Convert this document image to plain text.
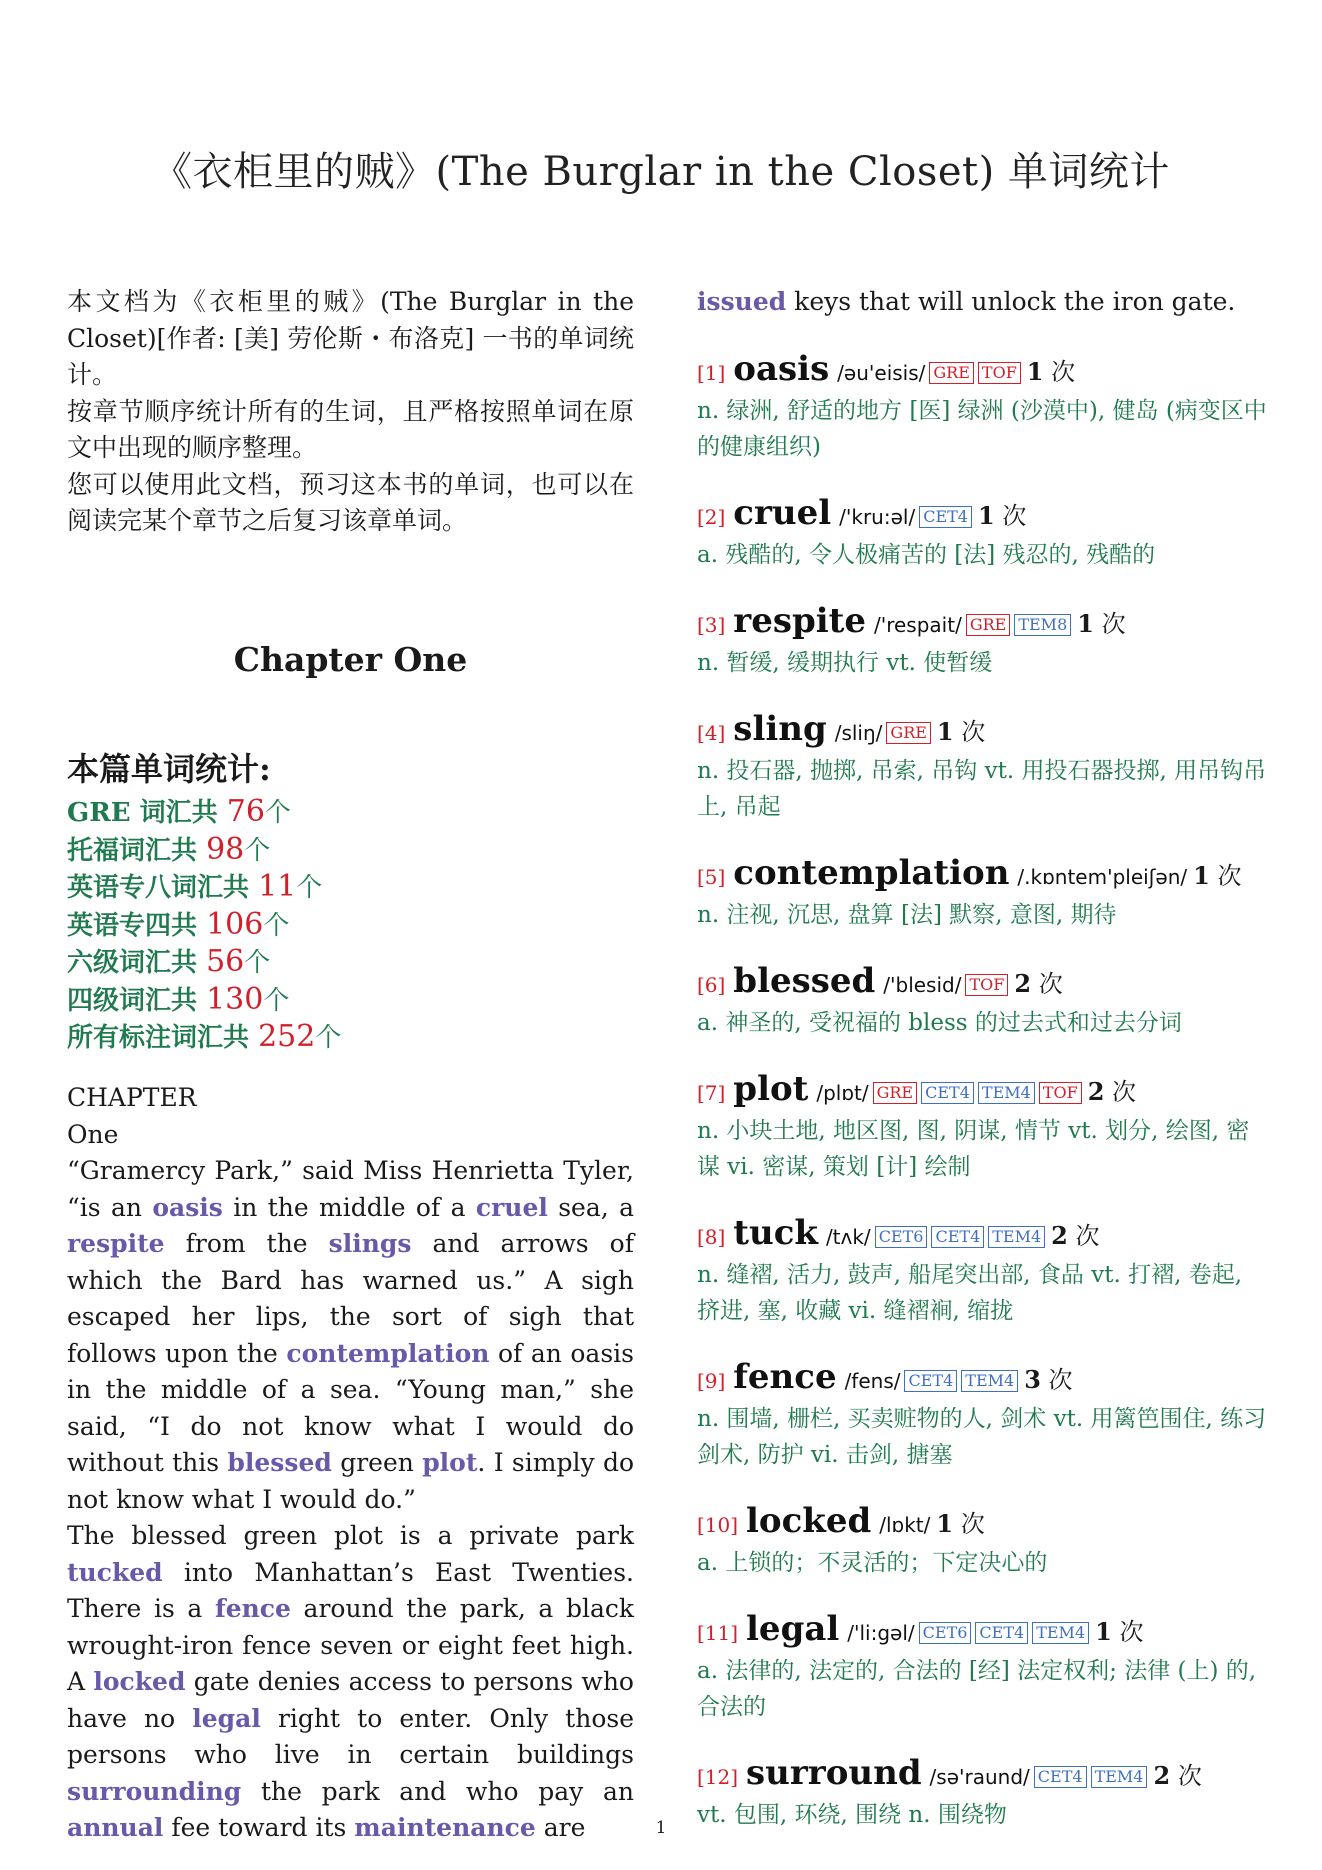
《衣柜里的贼》(The Burglar in the Closet) 单词统计

本文档为《衣柜里的贼》(The Burglar in the Closet)[作者: [美] 劳伦斯・布洛克] 一书的单词统计。

按章节顺序统计所有的生词，且严格按照单词在原文中出现的顺序整理。

您可以使用此文档，预习这本书的单词，也可以在阅读完某个章节之后复习该章单词。

Chapter One
本篇单词统计:
GRE 词汇共 76个
托福词汇共 98个
英语专八词汇共 11个
英语专四共 106个
六级词汇共 56个
四级词汇共 130个
所有标注词汇共 252个

CHAPTER

One

“Gramercy Park,” said Miss Henrietta Tyler, “is an oasis in the middle of a cruel sea, a respite from the slings and arrows of which the Bard has warned us.” A sigh escaped her lips, the sort of sigh that follows upon the contemplation of an oasis in the middle of a sea. “Young man,” she said, “I do not know what I would do without this blessed green plot. I simply do not know what I would do.”

The blessed green plot is a private park tucked into Manhattan’s East Twenties. There is a fence around the park, a black wrought-iron fence seven or eight feet high. A locked gate denies access to persons who have no legal right to enter. Only those persons who live in certain buildings surrounding the park and who pay an annual fee toward its maintenance are

issued keys that will unlock the iron gate.

[1] oasis /əu'eisis/ GRE TOF 1 次
n. 绿洲, 舒适的地方 [医] 绿洲 (沙漠中), 健岛 (病变区中的健康组织)
[2] cruel /'kru:əl/ CET4 1 次
a. 残酷的, 令人极痛苦的 [法] 残忍的, 残酷的
[3] respite /'respait/ GRE TEM8 1 次
n. 暂缓, 缓期执行 vt. 使暂缓
[4] sling /sliŋ/ GRE 1 次
n. 投石器, 抛掷, 吊索, 吊钩 vt. 用投石器投掷, 用吊钩吊上, 吊起
[5] contemplation /.kɒntem'pleiʃən/ 1 次
n. 注视, 沉思, 盘算 [法] 默察, 意图, 期待
[6] blessed /'blesid/ TOF 2 次
a. 神圣的, 受祝福的 bless 的过去式和过去分词
[7] plot /plɒt/ GRE CET4 TEM4 TOF 2 次
n. 小块土地, 地区图, 图, 阴谋, 情节 vt. 划分, 绘图, 密谋 vi. 密谋, 策划 [计] 绘制
[8] tuck /tʌk/ CET6 CET4 TEM4 2 次
n. 缝褶, 活力, 鼓声, 船尾突出部, 食品 vt. 打褶, 卷起, 挤进, 塞, 收藏 vi. 缝褶裥, 缩拢
[9] fence /fens/ CET4 TEM4 3 次
n. 围墙, 栅栏, 买卖赃物的人, 剑术 vt. 用篱笆围住, 练习剑术, 防护 vi. 击剑, 搪塞
[10] locked /lɒkt/ 1 次
a. 上锁的；不灵活的；下定决心的
[11] legal /'li:gəl/ CET6 CET4 TEM4 1 次
a. 法律的, 法定的, 合法的 [经] 法定权利; 法律 (上) 的, 合法的
[12] surround /sə'raund/ CET4 TEM4 2 次
vt. 包围, 环绕, 围绕 n. 围绕物
1
